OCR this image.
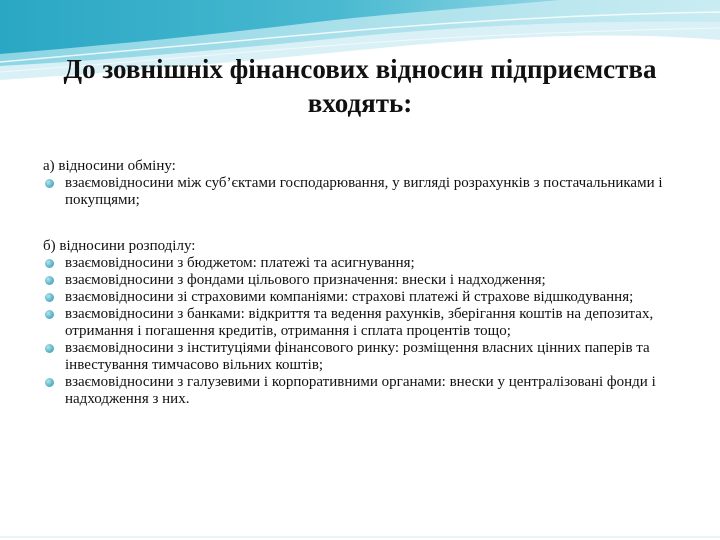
До зовнішніх фінансових відносин підприємства
входять:

а) відносини обміну:

взаємовідносини між суб’єктами господарювання, у вигляді розрахунків з постачальниками і покупцями;

б) відносини розподілу:

взаємовідносини з бюджетом: платежі та асигнування;
взаємовідносини з фондами цільового призначення: внески і надходження;
взаємовідносини зі страховими компаніями: страхові платежі й страхове відшкодування;
взаємовідносини з банками: відкриття та ведення рахунків, зберігання коштів на депозитах, отримання і погашення кредитів, отримання і сплата процентів тощо;
взаємовідносини з інституціями фінансового ринку: розміщення власних цінних паперів та інвестування тимчасово вільних коштів;
взаємовідносини з галузевими і корпоративними органами: внески у централізовані фонди і надходження з них.
